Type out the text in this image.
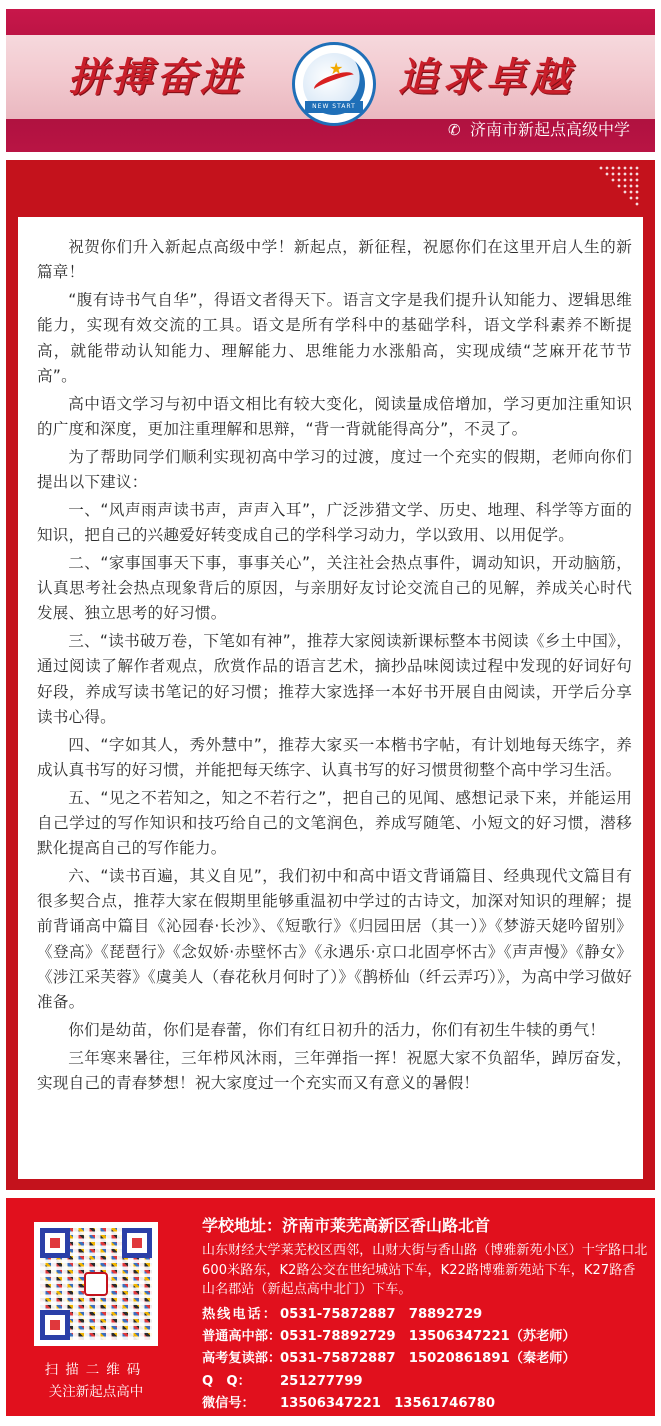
拼搏奋进	★
NEW START
追求卓越
✆ 济南市新起点高级中学

祝贺你们升入新起点高级中学！新起点，新征程，祝愿你们在这里开启人生的新篇章！

“腹有诗书气自华”，得语文者得天下。语言文字是我们提升认知能力、逻辑思维能力，实现有效交流的工具。语文是所有学科中的基础学科，语文学科素养不断提高，就能带动认知能力、理解能力、思维能力水涨船高，实现成绩“芝麻开花节节高”。

高中语文学习与初中语文相比有较大变化，阅读量成倍增加，学习更加注重知识的广度和深度，更加注重理解和思辩，“背一背就能得高分”，不灵了。

为了帮助同学们顺利实现初高中学习的过渡，度过一个充实的假期，老师向你们提出以下建议：

一、“风声雨声读书声，声声入耳”，广泛涉猎文学、历史、地理、科学等方面的知识，把自己的兴趣爱好转变成自己的学科学习动力，学以致用、以用促学。

二、“家事国事天下事，事事关心”，关注社会热点事件，调动知识，开动脑筋，认真思考社会热点现象背后的原因，与亲朋好友讨论交流自己的见解，养成关心时代发展、独立思考的好习惯。

三、“读书破万卷，下笔如有神”，推荐大家阅读新课标整本书阅读《乡土中国》，通过阅读了解作者观点，欣赏作品的语言艺术，摘抄品味阅读过程中发现的好词好句好段，养成写读书笔记的好习惯；推荐大家选择一本好书开展自由阅读，开学后分享读书心得。

四、“字如其人，秀外慧中”，推荐大家买一本楷书字帖，有计划地每天练字，养成认真书写的好习惯，并能把每天练字、认真书写的好习惯贯彻整个高中学习生活。

五、“见之不若知之，知之不若行之”，把自己的见闻、感想记录下来，并能运用自己学过的写作知识和技巧给自己的文笔润色，养成写随笔、小短文的好习惯，潜移默化提高自己的写作能力。

六、“读书百遍，其义自见”，我们初中和高中语文背诵篇目、经典现代文篇目有很多契合点，推荐大家在假期里能够重温初中学过的古诗文，加深对知识的理解；提前背诵高中篇目《沁园春·长沙》、《短歌行》《归园田居（其一）》《梦游天姥吟留别》《登高》《琵琶行》《念奴娇·赤壁怀古》《永遇乐·京口北固亭怀古》《声声慢》《静女》《涉江采芙蓉》《虞美人（春花秋月何时了）》《鹊桥仙（纤云弄巧）》，为高中学习做好准备。

你们是幼苗，你们是春蕾，你们有红日初升的活力，你们有初生牛犊的勇气！

三年寒来暑往，三年栉风沐雨，三年弹指一挥！祝愿大家不负韶华，踔厉奋发，实现自己的青春梦想！祝大家度过一个充实而又有意义的暑假！

扫描二维码
关注新起点高中
学校地址：济南市莱芜高新区香山路北首
山东财经大学莱芜校区西邻，山财大街与香山路（博雅新苑小区）十字路口北600米路东，K2路公交在世纪城站下车，K22路博雅新苑站下车，K27路香山名郡站（新起点高中北门）下车。
热线电话： 0531-75872887　78892729
普通高中部：0531-78892729　13506347221（苏老师）
高考复读部：0531-75872887　15020861891（秦老师）
Q　Q： 251277799
微信号： 13506347221　13561746780
